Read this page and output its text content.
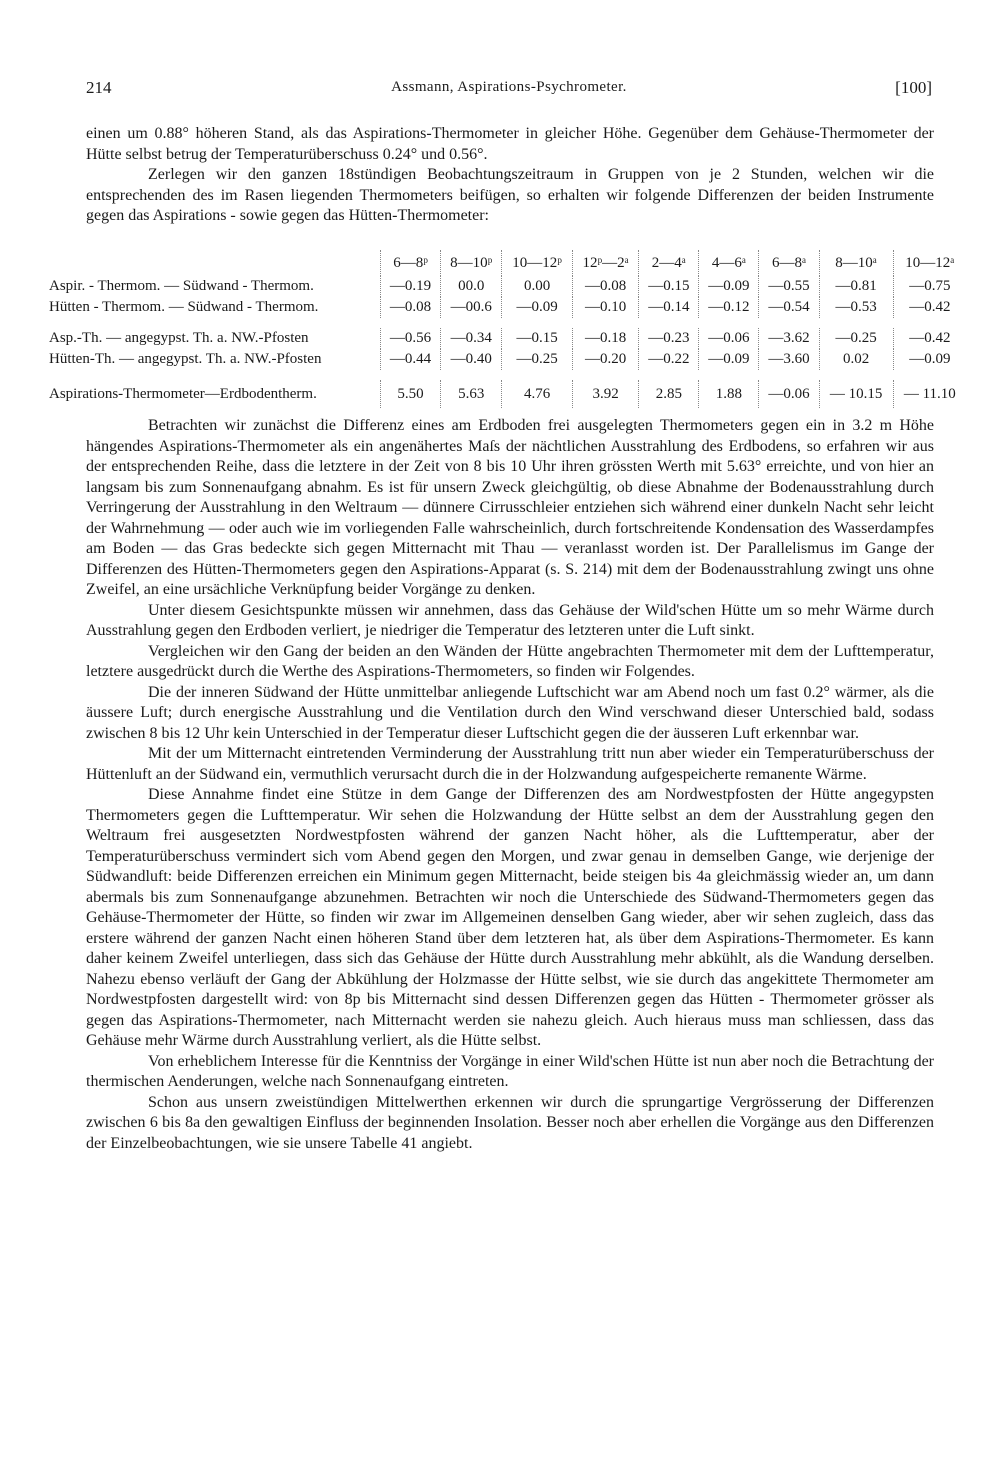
214	Assmann, Aspirations-Psychrometer.	[100]

einen um 0.88° höheren Stand, als das Aspirations-Thermometer in gleicher Höhe. Gegenüber dem Gehäuse-Thermometer der Hütte selbst betrug der Temperaturüberschuss 0.24° und 0.56°.

Zerlegen wir den ganzen 18stündigen Beobachtungszeitraum in Gruppen von je 2 Stunden, welchen wir die entsprechenden des im Rasen liegenden Thermometers beifügen, so erhalten wir folgende Differenzen der beiden Instrumente gegen das Aspirations - sowie gegen das Hütten-Thermometer:

	6—8ᵖ	8—10ᵖ	10—12ᵖ	12ᵖ—2ᵃ	2—4ᵃ	4—6ᵃ	6—8ᵃ	8—10ᵃ	10—12ᵃ
Aspir. - Thermom. — Südwand - Thermom.	—0.19	00.0	0.00	—0.08	—0.15	—0.09	—0.55	—0.81	—0.75
Hütten - Thermom. — Südwand - Thermom.	—0.08	—00.6	—0.09	—0.10	—0.14	—0.12	—0.54	—0.53	—0.42

Asp.-Th. — angegypst. Th. a. NW.-Pfosten	—0.56	—0.34	—0.15	—0.18	—0.23	—0.06	—3.62	—0.25	—0.42
Hütten-Th. — angegypst. Th. a. NW.-Pfosten	—0.44	—0.40	—0.25	—0.20	—0.22	—0.09	—3.60	0.02	—0.09

Aspirations-Thermometer—Erdbodentherm.	5.50	5.63	4.76	3.92	2.85	1.88	—0.06	— 10.15	— 11.10

Betrachten wir zunächst die Differenz eines am Erdboden frei ausgelegten Thermometers gegen ein in 3.2 m Höhe hängendes Aspirations-Thermometer als ein angenähertes Maſs der nächtlichen Ausstrahlung des Erdbodens, so erfahren wir aus der entsprechenden Reihe, dass die letztere in der Zeit von 8 bis 10 Uhr ihren grössten Werth mit 5.63° erreichte, und von hier an langsam bis zum Sonnenaufgang abnahm. Es ist für unsern Zweck gleichgültig, ob diese Abnahme der Bodenausstrahlung durch Verringerung der Ausstrahlung in den Weltraum — dünnere Cirrusschleier entziehen sich während einer dunkeln Nacht sehr leicht der Wahrnehmung — oder auch wie im vorliegenden Falle wahrscheinlich, durch fortschreitende Kondensation des Wasserdampfes am Boden — das Gras bedeckte sich gegen Mitternacht mit Thau — veranlasst worden ist. Der Parallelismus im Gange der Differenzen des Hütten-Thermometers gegen den Aspirations-Apparat (s. S. 214) mit dem der Bodenausstrahlung zwingt uns ohne Zweifel, an eine ursächliche Verknüpfung beider Vorgänge zu denken.

Unter diesem Gesichtspunkte müssen wir annehmen, dass das Gehäuse der Wild'schen Hütte um so mehr Wärme durch Ausstrahlung gegen den Erdboden verliert, je niedriger die Temperatur des letzteren unter die Luft sinkt.

Vergleichen wir den Gang der beiden an den Wänden der Hütte angebrachten Thermometer mit dem der Lufttemperatur, letztere ausgedrückt durch die Werthe des Aspirations-Thermometers, so finden wir Folgendes.

Die der inneren Südwand der Hütte unmittelbar anliegende Luftschicht war am Abend noch um fast 0.2° wärmer, als die äussere Luft; durch energische Ausstrahlung und die Ventilation durch den Wind verschwand dieser Unterschied bald, sodass zwischen 8 bis 12 Uhr kein Unterschied in der Temperatur dieser Luftschicht gegen die der äusseren Luft erkennbar war.

Mit der um Mitternacht eintretenden Verminderung der Ausstrahlung tritt nun aber wieder ein Temperaturüberschuss der Hüttenluft an der Südwand ein, vermuthlich verursacht durch die in der Holzwandung aufgespeicherte remanente Wärme.

Diese Annahme findet eine Stütze in dem Gange der Differenzen des am Nordwestpfosten der Hütte angegypsten Thermometers gegen die Lufttemperatur. Wir sehen die Holzwandung der Hütte selbst an dem der Ausstrahlung gegen den Weltraum frei ausgesetzten Nordwestpfosten während der ganzen Nacht höher, als die Lufttemperatur, aber der Temperaturüberschuss vermindert sich vom Abend gegen den Morgen, und zwar genau in demselben Gange, wie derjenige der Südwandluft: beide Differenzen erreichen ein Minimum gegen Mitternacht, beide steigen bis 4a gleichmässig wieder an, um dann abermals bis zum Sonnenaufgange abzunehmen. Betrachten wir noch die Unterschiede des Südwand-Thermometers gegen das Gehäuse-Thermometer der Hütte, so finden wir zwar im Allgemeinen denselben Gang wieder, aber wir sehen zugleich, dass das erstere während der ganzen Nacht einen höheren Stand über dem letzteren hat, als über dem Aspirations-Thermometer. Es kann daher keinem Zweifel unterliegen, dass sich das Gehäuse der Hütte durch Ausstrahlung mehr abkühlt, als die Wandung derselben. Nahezu ebenso verläuft der Gang der Abkühlung der Holzmasse der Hütte selbst, wie sie durch das angekittete Thermometer am Nordwestpfosten dargestellt wird: von 8p bis Mitternacht sind dessen Differenzen gegen das Hütten - Thermometer grösser als gegen das Aspirations-Thermometer, nach Mitternacht werden sie nahezu gleich. Auch hieraus muss man schliessen, dass das Gehäuse mehr Wärme durch Ausstrahlung verliert, als die Hütte selbst.

Von erheblichem Interesse für die Kenntniss der Vorgänge in einer Wild'schen Hütte ist nun aber noch die Betrachtung der thermischen Aenderungen, welche nach Sonnenaufgang eintreten.

Schon aus unsern zweistündigen Mittelwerthen erkennen wir durch die sprungartige Vergrösserung der Differenzen zwischen 6 bis 8a den gewaltigen Einfluss der beginnenden Insolation. Besser noch aber erhellen die Vorgänge aus den Differenzen der Einzelbeobachtungen, wie sie unsere Tabelle 41 angiebt.
